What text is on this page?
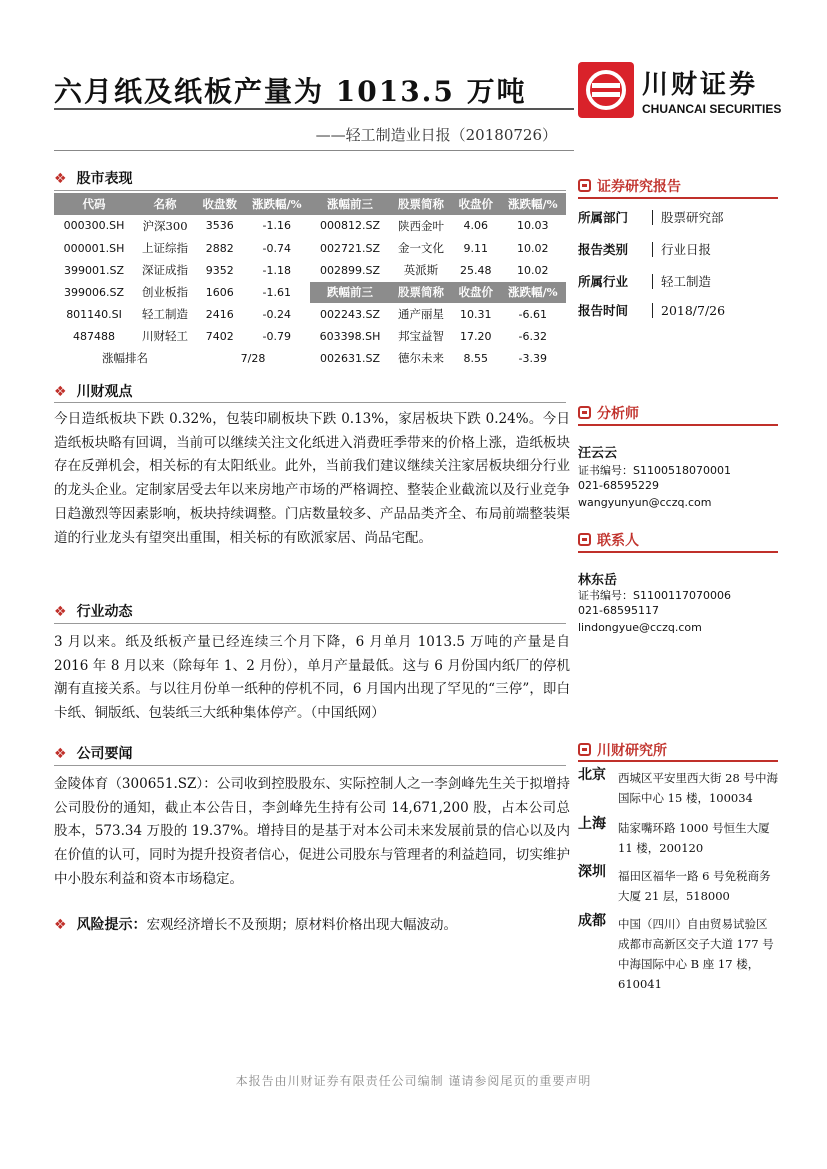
六月纸及纸板产量为 1013.5 万吨
——轻工制造业日报（20180726）
川财证券
CHUANCAI SECURITIES
❖ 股市表现
代码	名称	收盘数	涨跌幅/%	涨幅前三	股票简称	收盘价	涨跌幅/%
000300.SH	沪深300	3536	-1.16	000812.SZ	陕西金叶	4.06	10.03
000001.SH	上证综指	2882	-0.74	002721.SZ	金一文化	9.11	10.02
399001.SZ	深证成指	9352	-1.18	002899.SZ	英派斯	25.48	10.02
399006.SZ	创业板指	1606	-1.61	跌幅前三	股票简称	收盘价	涨跌幅/%
801140.SI	轻工制造	2416	-0.24	002243.SZ	通产丽星	10.31	-6.61
487488	川财轻工	7402	-0.79	603398.SH	邦宝益智	17.20	-6.32
涨幅排名		7/28		002631.SZ	德尔未来	8.55	-3.39
❖ 川财观点
今日造纸板块下跌 0.32%，包装印刷板块下跌 0.13%，家居板块下跌 0.24%。今日造纸板块略有回调，当前可以继续关注文化纸进入消费旺季带来的价格上涨，造纸板块存在反弹机会，相关标的有太阳纸业。此外，当前我们建议继续关注家居板块细分行业的龙头企业。定制家居受去年以来房地产市场的严格调控、整装企业截流以及行业竞争日趋激烈等因素影响，板块持续调整。门店数量较多、产品品类齐全、布局前端整装渠道的行业龙头有望突出重围，相关标的有欧派家居、尚品宅配。
❖ 行业动态
3 月以来。纸及纸板产量已经连续三个月下降，6 月单月 1013.5 万吨的产量是自 2016 年 8 月以来（除每年 1、2 月份），单月产量最低。这与 6 月份国内纸厂的停机潮有直接关系。与以往月份单一纸种的停机不同，6 月国内出现了罕见的“三停”，即白卡纸、铜版纸、包装纸三大纸种集体停产。（中国纸网）
❖ 公司要闻
金陵体育（300651.SZ）：公司收到控股股东、实际控制人之一李剑峰先生关于拟增持公司股份的通知，截止本公告日，李剑峰先生持有公司 14,671,200 股，占本公司总股本，573.34 万股的 19.37%。增持目的是基于对本公司未来发展前景的信心以及内在价值的认可，同时为提升投资者信心，促进公司股东与管理者的利益趋同，切实维护中小股东利益和资本市场稳定。
❖ 风险提示：宏观经济增长不及预期；原材料价格出现大幅波动。
证券研究报告
所属部门	股票研究部
报告类别	行业日报
所属行业	轻工制造
报告时间	2018/7/26
分析师
汪云云
证书编号：S1100518070001
021-68595229
wangyunyun@cczq.com
联系人
林东岳
证书编号：S1100117070006
021-68595117
lindongyue@cczq.com
川财研究所
北京 西城区平安里西大街 28 号中海国际中心 15 楼，100034
上海 陆家嘴环路 1000 号恒生大厦 11 楼，200120
深圳 福田区福华一路 6 号免税商务大厦 21 层，518000
成都 中国（四川）自由贸易试验区成都市高新区交子大道 177 号中海国际中心 B 座 17 楼，610041
本报告由川财证券有限责任公司编制 谨请参阅尾页的重要声明
